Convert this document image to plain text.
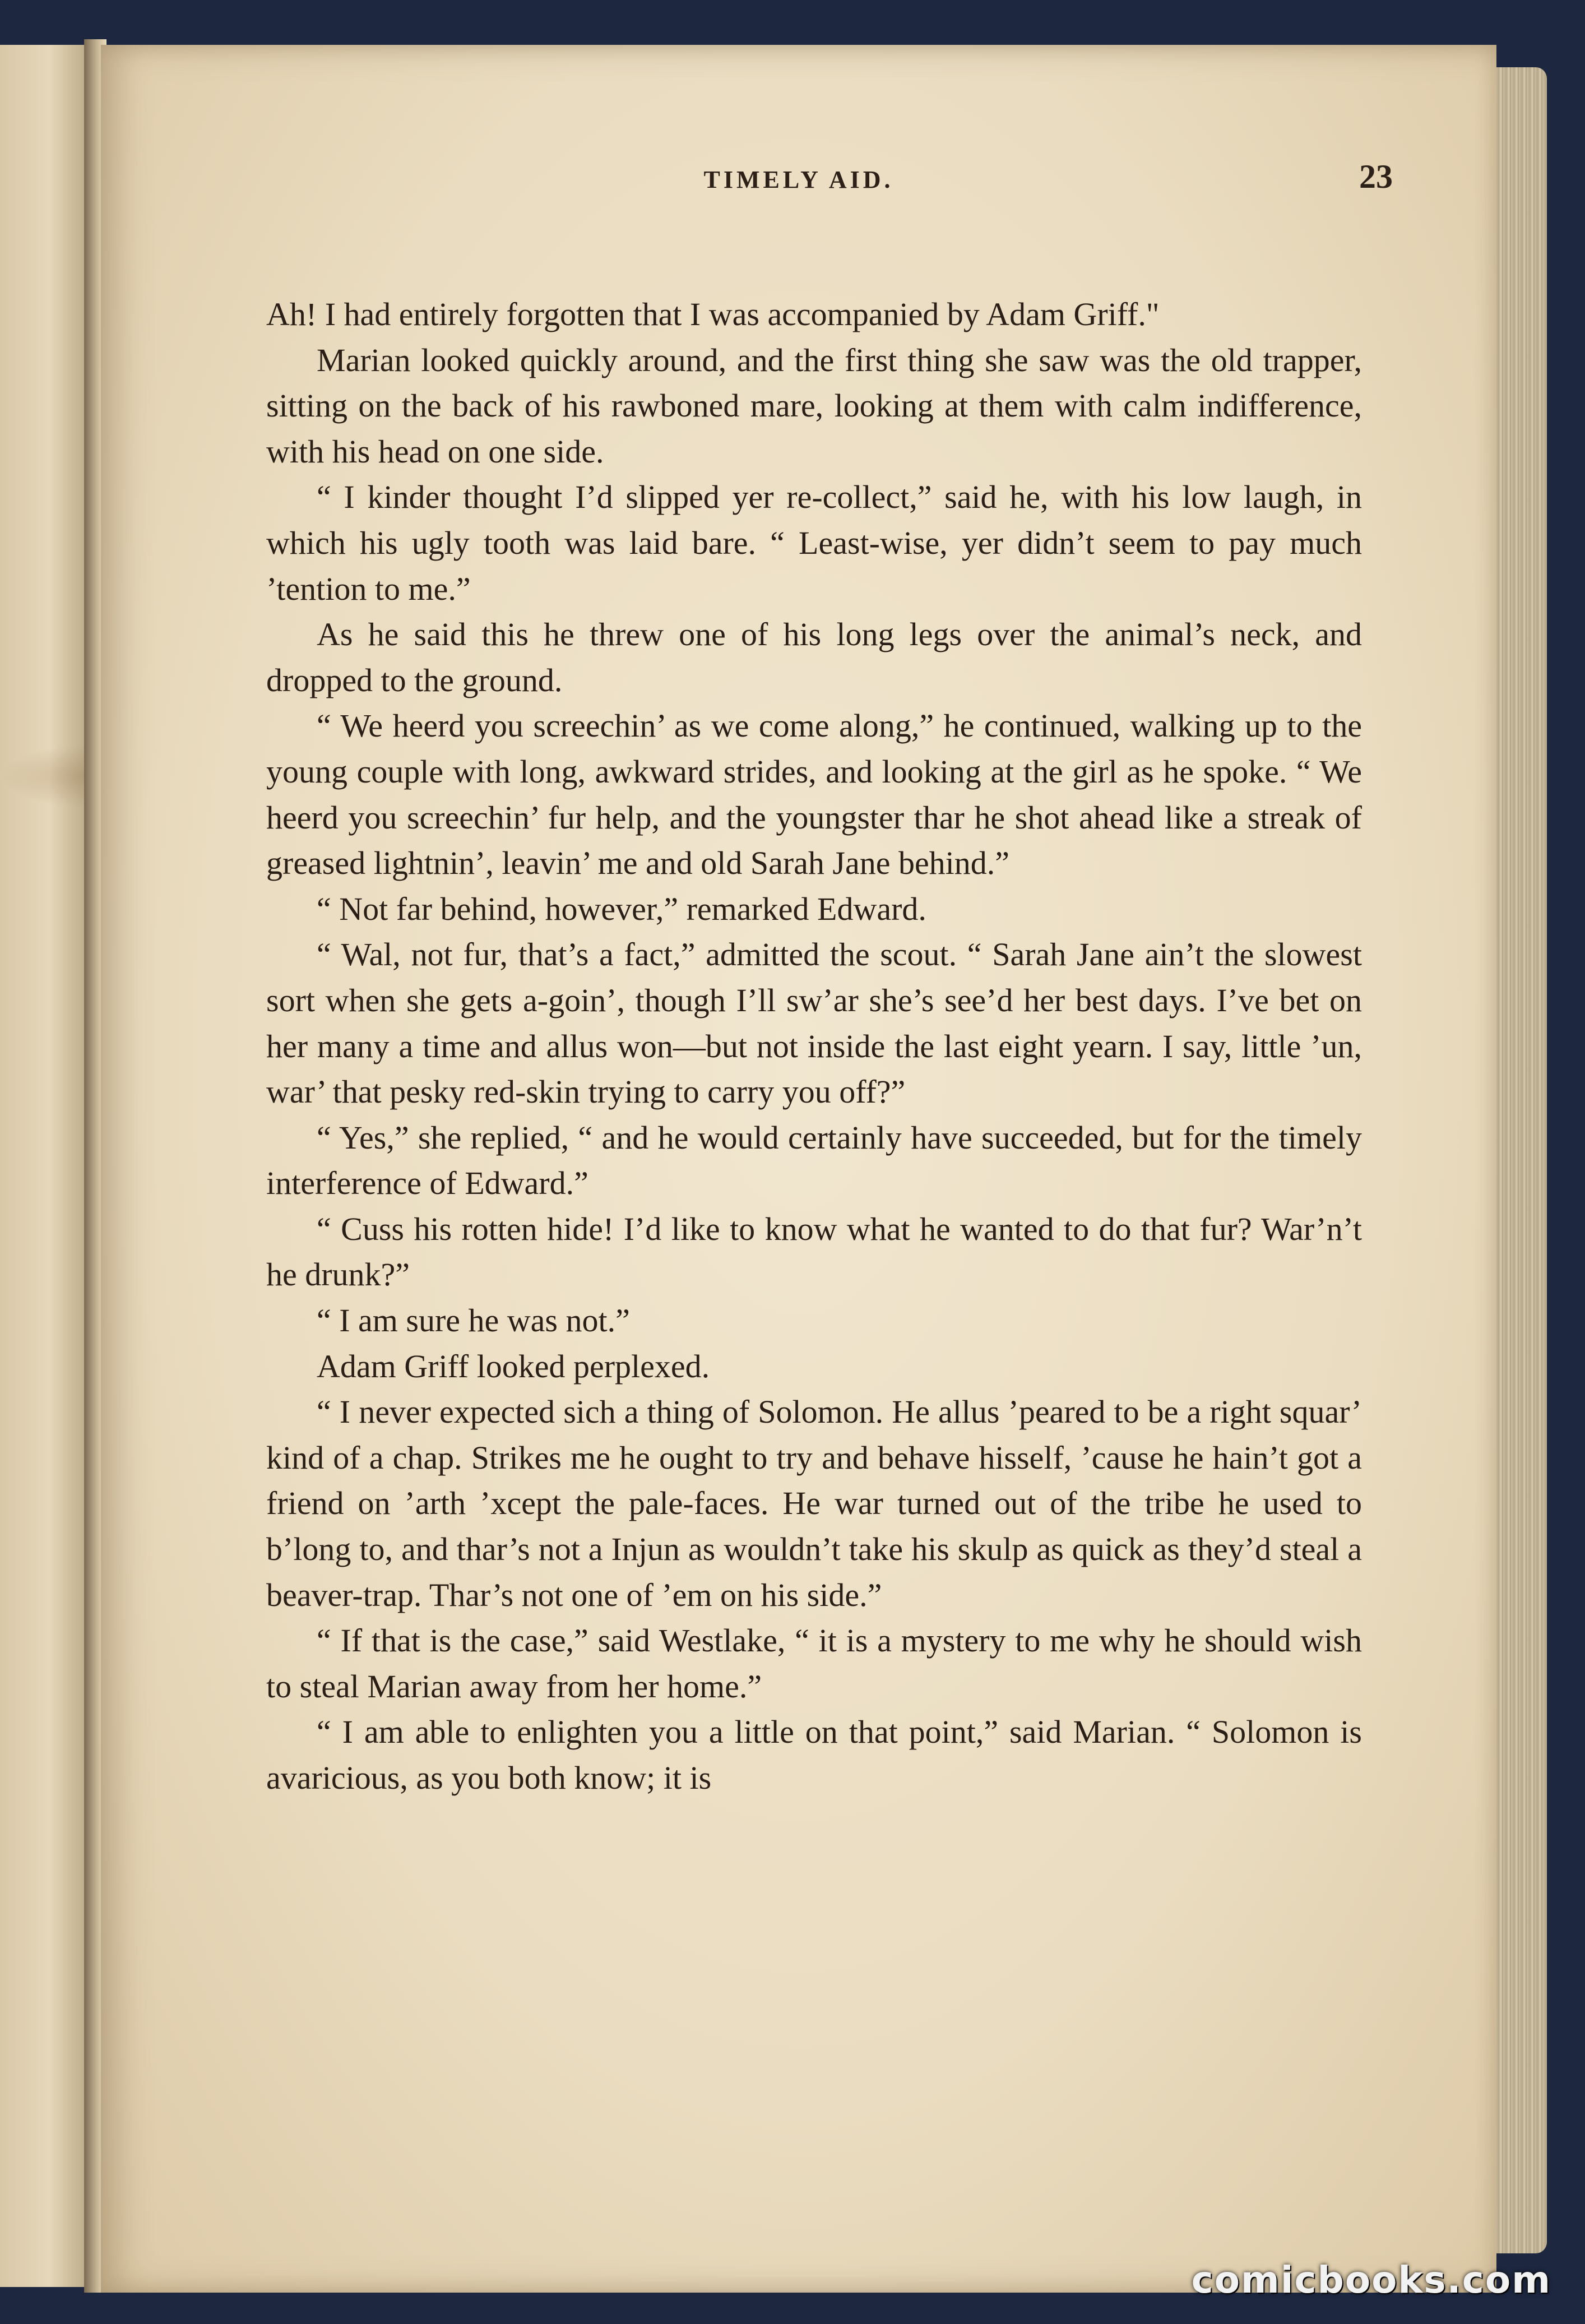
TIMELY AID.	23

Ah! I had entirely forgotten that I was accompanied by Adam Griff."

Marian looked quickly around, and the first thing she saw was the old trapper, sitting on the back of his rawboned mare, looking at them with calm indifference, with his head on one side.

“ I kinder thought I’d slipped yer re-collect,” said he, with his low laugh, in which his ugly tooth was laid bare. “ Least-wise, yer didn’t seem to pay much ’tention to me.”

As he said this he threw one of his long legs over the animal’s neck, and dropped to the ground.

“ We heerd you screechin’ as we come along,” he continued, walking up to the young couple with long, awkward strides, and looking at the girl as he spoke. “ We heerd you screechin’ fur help, and the youngster thar he shot ahead like a streak of greased lightnin’, leavin’ me and old Sarah Jane behind.”

“ Not far behind, however,” remarked Edward.

“ Wal, not fur, that’s a fact,” admitted the scout. “ Sarah Jane ain’t the slowest sort when she gets a-goin’, though I’ll sw’ar she’s see’d her best days. I’ve bet on her many a time and allus won—but not inside the last eight yearn. I say, little ’un, war’ that pesky red-skin trying to carry you off?”

“ Yes,” she replied, “ and he would certainly have succeeded, but for the timely interference of Edward.”

“ Cuss his rotten hide! I’d like to know what he wanted to do that fur? War’n’t he drunk?”

“ I am sure he was not.”

Adam Griff looked perplexed.

“ I never expected sich a thing of Solomon. He allus ’peared to be a right squar’ kind of a chap. Strikes me he ought to try and behave hisself, ’cause he hain’t got a friend on ’arth ’xcept the pale-faces. He war turned out of the tribe he used to b’long to, and thar’s not a Injun as wouldn’t take his skulp as quick as they’d steal a beaver-trap. Thar’s not one of ’em on his side.”

“ If that is the case,” said Westlake, “ it is a mystery to me why he should wish to steal Marian away from her home.”

“ I am able to enlighten you a little on that point,” said Marian. “ Solomon is avaricious, as you both know; it is

comicbooks.com
